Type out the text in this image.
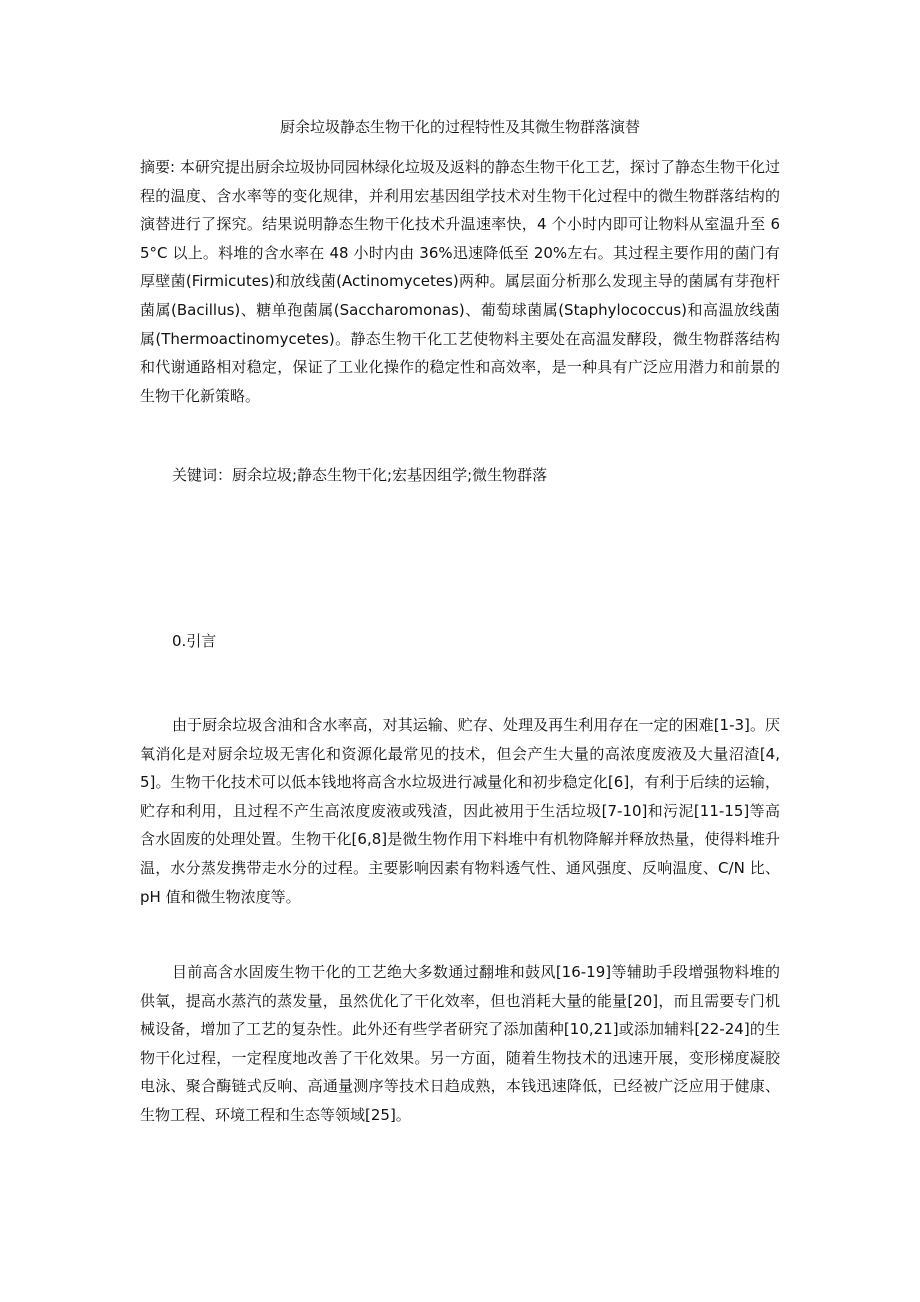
厨余垃圾静态生物干化的过程特性及其微生物群落演替
摘要: 本研究提出厨余垃圾协同园林绿化垃圾及返料的静态生物干化工艺，探讨了静态生物干化过程的温度、含水率等的变化规律，并利用宏基因组学技术对生物干化过程中的微生物群落结构的演替进行了探究。结果说明静态生物干化技术升温速率快，4 个小时内即可让物料从室温升至 65°C 以上。料堆的含水率在 48 小时内由 36%迅速降低至 20%左右。其过程主要作用的菌门有厚壁菌(Firmicutes)和放线菌(Actinomycetes)两种。属层面分析那么发现主导的菌属有芽孢杆菌属(Bacillus)、糖单孢菌属(Saccharomonas)、葡萄球菌属(Staphylococcus)和高温放线菌属(Thermoactinomycetes)。静态生物干化工艺使物料主要处在高温发酵段，微生物群落结构和代谢通路相对稳定，保证了工业化操作的稳定性和高效率，是一种具有广泛应用潜力和前景的生物干化新策略。
关键词：厨余垃圾;静态生物干化;宏基因组学;微生物群落
0.引言
由于厨余垃圾含油和含水率高，对其运输、贮存、处理及再生利用存在一定的困难[1-3]。厌氧消化是对厨余垃圾无害化和资源化最常见的技术，但会产生大量的高浓度废液及大量沼渣[4,5]。生物干化技术可以低本钱地将高含水垃圾进行减量化和初步稳定化[6]，有利于后续的运输，贮存和利用，且过程不产生高浓度废液或残渣，因此被用于生活垃圾[7-10]和污泥[11-15]等高含水固废的处理处置。生物干化[6,8]是微生物作用下料堆中有机物降解并释放热量，使得料堆升温，水分蒸发携带走水分的过程。主要影响因素有物料透气性、通风强度、反响温度、C/N 比、pH 值和微生物浓度等。
目前高含水固废生物干化的工艺绝大多数通过翻堆和鼓风[16-19]等辅助手段增强物料堆的供氧，提高水蒸汽的蒸发量，虽然优化了干化效率，但也消耗大量的能量[20]，而且需要专门机械设备，增加了工艺的复杂性。此外还有些学者研究了添加菌种[10,21]或添加辅料[22-24]的生物干化过程，一定程度地改善了干化效果。另一方面，随着生物技术的迅速开展，变形梯度凝胶电泳、聚合酶链式反响、高通量测序等技术日趋成熟，本钱迅速降低，已经被广泛应用于健康、生物工程、环境工程和生态等领域[25]。
